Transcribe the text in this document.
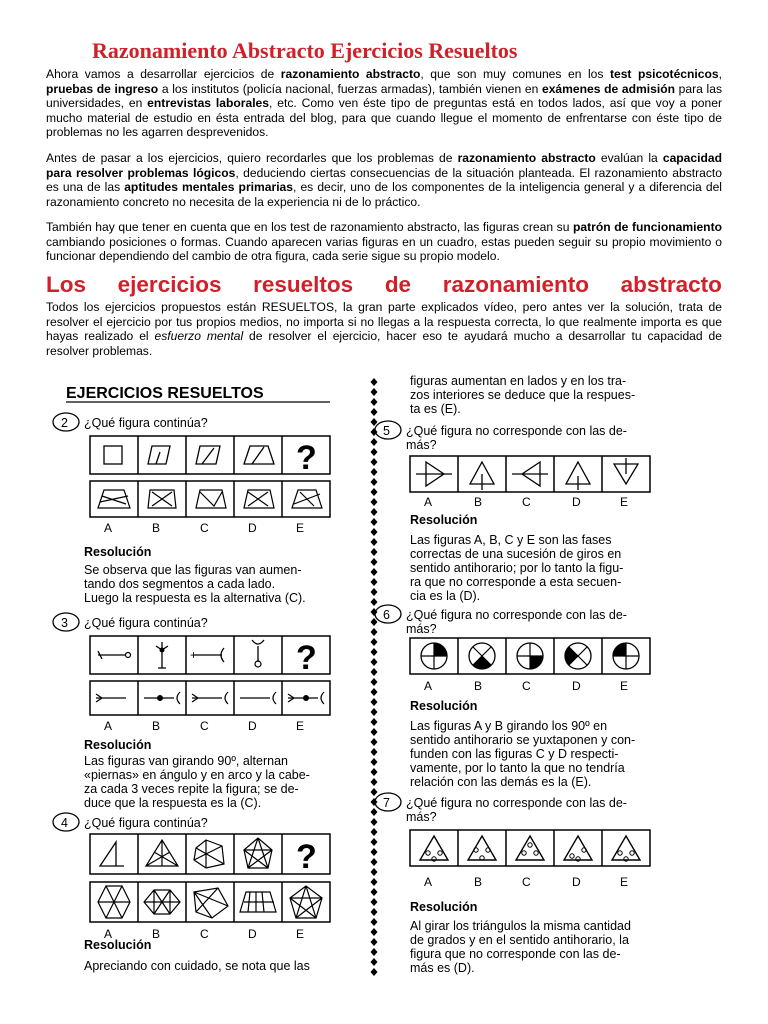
Razonamiento Abstracto Ejercicios Resueltos

Ahora vamos a desarrollar ejercicios de razonamiento abstracto, que son muy comunes en los test psicotécnicos, pruebas de ingreso a los institutos (policía nacional, fuerzas armadas), también vienen en exámenes de admisión para las universidades, en entrevistas laborales, etc. Como ven éste tipo de preguntas está en todos lados, así que voy a poner mucho material de estudio en ésta entrada del blog, para que cuando llegue el momento de enfrentarse con éste tipo de problemas no les agarren desprevenidos.

Antes de pasar a los ejercicios, quiero recordarles que los problemas de razonamiento abstracto evalúan la capacidad para resolver problemas lógicos, deduciendo ciertas consecuencias de la situación planteada. El razonamiento abstracto es una de las aptitudes mentales primarias, es decir, uno de los componentes de la inteligencia general y a diferencia del razonamiento concreto no necesita de la experiencia ni de lo práctico.

También hay que tener en cuenta que en los test de razonamiento abstracto, las figuras crean su patrón de funcionamiento cambiando posiciones o formas. Cuando aparecen varias figuras en un cuadro, estas pueden seguir su propio movimiento o funcionar dependiendo del cambio de otra figura, cada serie sigue su propio modelo.

Los ejercicios resueltos de razonamiento abstracto

Todos los ejercicios propuestos están RESUELTOS, la gran parte explicados vídeo, pero antes ver la solución, trata de resolver el ejercicio por tus propios medios, no importa si no llegas a la respuesta correcta, lo que realmente importa es que hayas realizado el esfuerzo mental de resolver el ejercicio, hacer eso te ayudará mucho a desarrollar tu capacidad de resolver problemas.

EJERCICIOS RESUELTOS
2 ¿Qué figura continúa?
?
A	B	C	D	E
Resolución
Se observa que las figuras van aumen-
tando dos segmentos a cada lado.
Luego la respuesta es la alternativa (C).
3 ¿Qué figura continúa?
+	?
A	B	C	D	E
Resolución
Las figuras van girando 90º, alternan
«piernas» en ángulo y en arco y la cabe-
za cada 3 veces repite la figura; se de-
duce que la respuesta es la (C).
4 ¿Qué figura continúa?
?
A	B	C	D	E
Resolución
Apreciando con cuidado, se nota que las
figuras aumentan en lados y en los tra-
zos interiores se deduce que la respues-
ta es (E).
5 ¿Qué figura no corresponde con las de-
más?
A	B	C	D	E
Resolución
Las figuras A, B, C y E son las fases
correctas de una sucesión de giros en
sentido antihorario; por lo tanto la figu-
ra que no corresponde a esta secuen-
cia es la (D).
6 ¿Qué figura no corresponde con las de-
más?
A	B	C	D	E
Resolución
Las figuras A y B girando los 90º en
sentido antihorario se yuxtaponen y con-
funden con las figuras C y D respecti-
vamente, por lo tanto la que no tendría
relación con las demás es la (E).
7 ¿Qué figura no corresponde con las de-
más?
A	B	C	D	E
Resolución
Al girar los triángulos la misma cantidad
de grados y en el sentido antihorario, la
figura que no corresponde con las de-
más es (D).
